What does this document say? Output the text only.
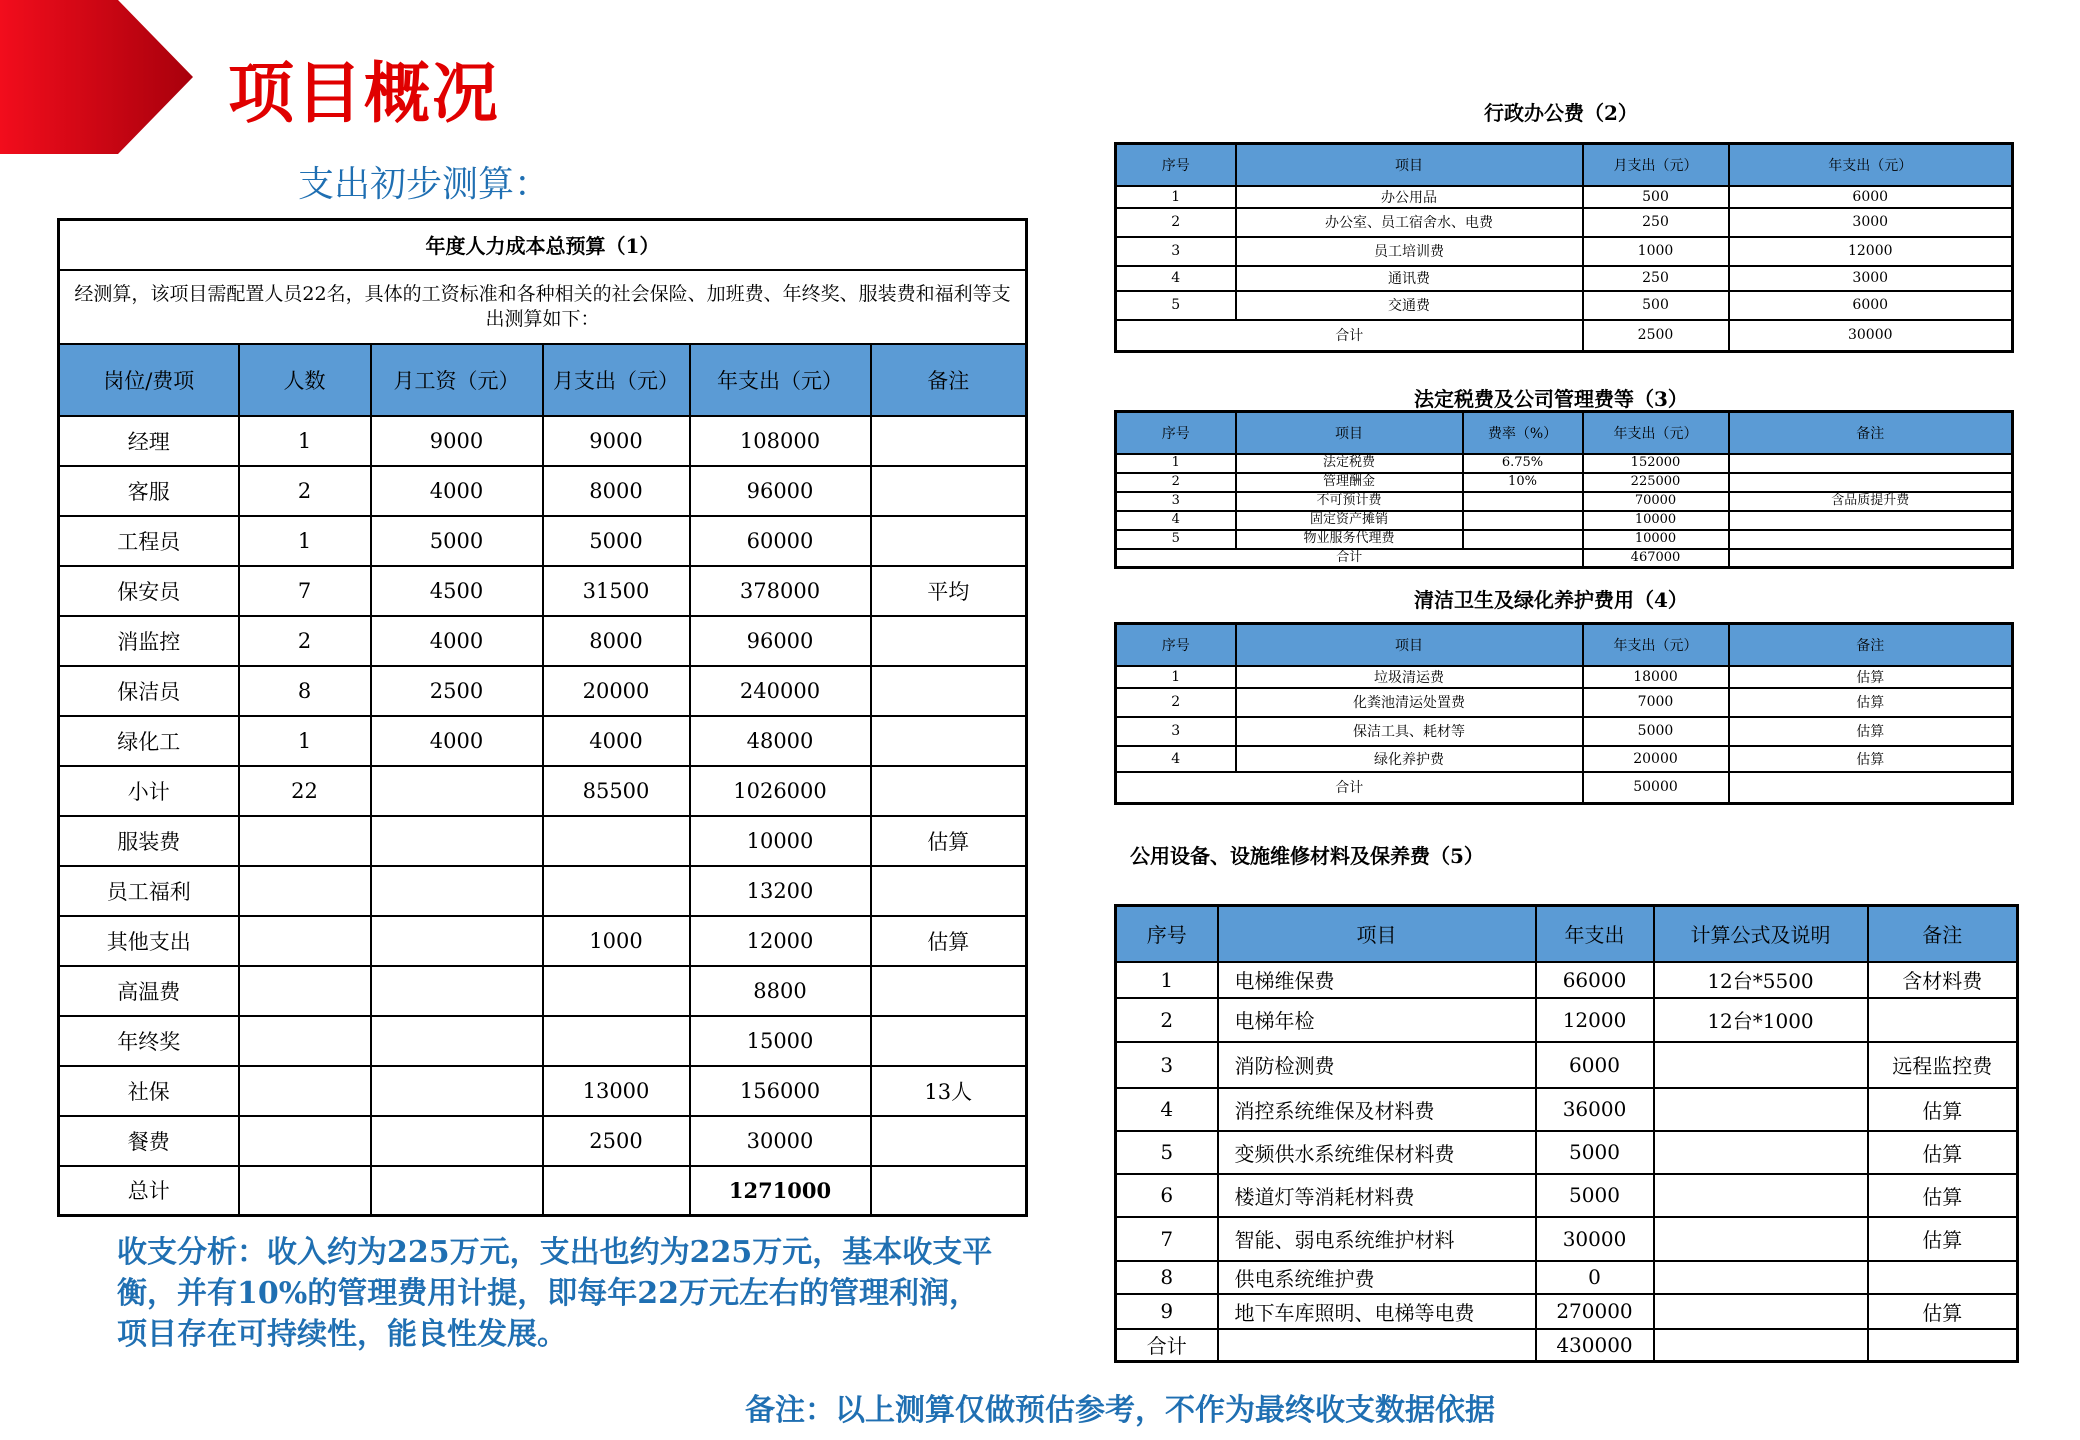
项目概况
支出初步测算：
年度人力成本总预算（1）					
经测算，该项目需配置人员22名，具体的工资标准和各种相关的社会保险、加班费、年终奖、服装费和福利等支出测算如下：					
岗位/费项	人数	月工资（元）	月支出（元）	年支出（元）	备注
经理	1	9000	9000	108000	
客服	2	4000	8000	96000	
工程员	1	5000	5000	60000	
保安员	7	4500	31500	378000	平均
消监控	2	4000	8000	96000	
保洁员	8	2500	20000	240000	
绿化工	1	4000	4000	48000	
小计	22		85500	1026000	
服装费				10000	估算
员工福利				13200	
其他支出			1000	12000	估算
高温费				8800	
年终奖				15000	
社保			13000	156000	13人
餐费			2500	30000	
总计				1271000	
行政办公费（2）
序号	项目	月支出（元）	年支出（元）
1	办公用品	500	6000
2	办公室、员工宿舍水、电费	250	3000
3	员工培训费	1000	12000
4	通讯费	250	3000
5	交通费	500	6000
合计		2500	30000
法定税费及公司管理费等（3）
序号	项目	费率（%）	年支出（元）	备注
1	法定税费	6.75%	152000	
2	管理酬金	10%	225000	
3	不可预计费		70000	含品质提升费
4	固定资产摊销		10000	
5	物业服务代理费		10000	
合计			467000	
清洁卫生及绿化养护费用（4）
序号	项目	年支出（元）	备注
1	垃圾清运费	18000	估算
2	化粪池清运处置费	7000	估算
3	保洁工具、耗材等	5000	估算
4	绿化养护费	20000	估算
合计		50000	
公用设备、设施维修材料及保养费（5）
序号	项目	年支出	计算公式及说明	备注
1	电梯维保费	66000	12台*5500	含材料费
2	电梯年检	12000	12台*1000	
3	消防检测费	6000		远程监控费
4	消控系统维保及材料费	36000		估算
5	变频供水系统维保材料费	5000		估算
6	楼道灯等消耗材料费	5000		估算
7	智能、弱电系统维护材料	30000		估算
8	供电系统维护费	0		
9	地下车库照明、电梯等电费	270000		估算
合计		430000		
收支分析：收入约为225万元，支出也约为225万元，基本收支平衡，并有10%的管理费用计提，即每年22万元左右的管理利润，项目存在可持续性，能良性发展。
备注：以上测算仅做预估参考，不作为最终收支数据依据
